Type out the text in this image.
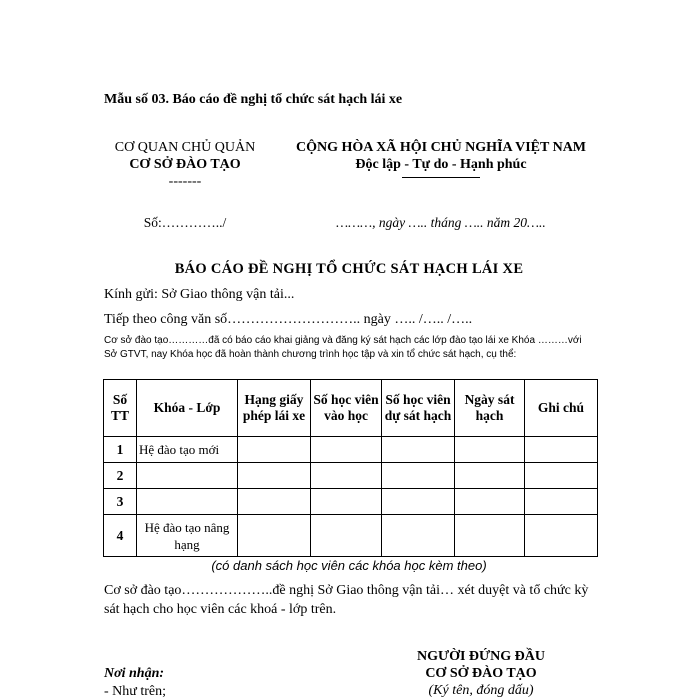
Mẫu số 03. Báo cáo đề nghị tổ chức sát hạch lái xe
CƠ QUAN CHỦ QUẢN
CƠ SỞ ĐÀO TẠO
-------
CỘNG HÒA XÃ HỘI CHỦ NGHĨA VIỆT NAM
Độc lập - Tự do - Hạnh phúc
Số:…………../	………, ngày ….. tháng ….. năm 20…..
BÁO CÁO ĐỀ NGHỊ TỔ CHỨC SÁT HẠCH LÁI XE
Kính gửi: Sở Giao thông vận tải...
Tiếp theo công văn số……………………….. ngày ….. /….. /…..
Cơ sở đào tạo…………đã có báo cáo khai giảng và đăng ký sát hạch các lớp đào tạo lái xe Khóa ………với Sở GTVT, nay Khóa học đã hoàn thành chương trình học tập và xin tổ chức sát hạch, cụ thể:
Số TT	Khóa - Lớp	Hạng giấy phép lái xe	Số học viên vào học	Số học viên dự sát hạch	Ngày sát hạch	Ghi chú
1	Hệ đào tạo mới					
2						
3						
4	Hệ đào tạo nâng hạng					
(có danh sách học viên các khóa học kèm theo)
Cơ sở đào tạo………………..đề nghị Sở Giao thông vận tải… xét duyệt và tổ chức kỳ sát hạch cho học viên các khoá - lớp trên.
NGƯỜI ĐỨNG ĐẦU
CƠ SỞ ĐÀO TẠO
(Ký tên, đóng dấu)
Nơi nhận:
- Như trên;
